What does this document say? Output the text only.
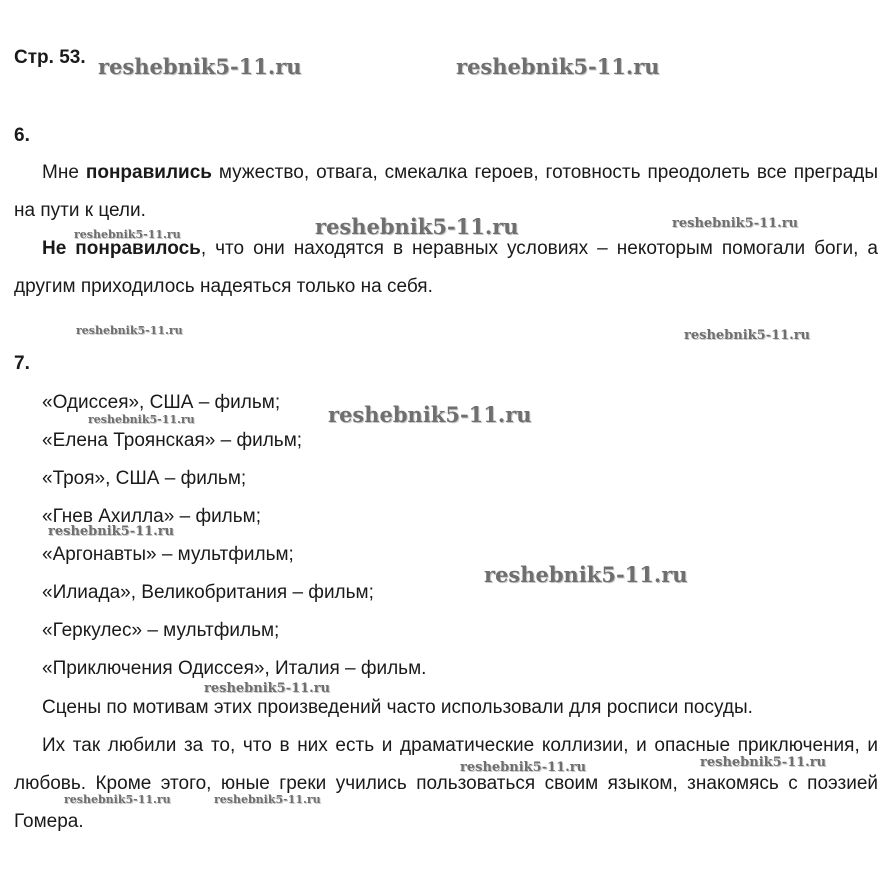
Стр. 53.
6.

Мне понравились мужество, отвага, смекалка героев, готовность преодолеть все преграды на пути к цели.

Не понравилось, что они находятся в неравных условиях – некоторым помогали боги, а другим приходилось надеяться только на себя.

7.
«Одиссея», США – фильм;
«Елена Троянская» – фильм;
«Троя», США – фильм;
«Гнев Ахилла» – фильм;
«Аргонавты» – мультфильм;
«Илиада», Великобритания – фильм;
«Геркулес» – мультфильм;
«Приключения Одиссея», Италия – фильм.

Сцены по мотивам этих произведений часто использовали для росписи посуды.

Их так любили за то, что в них есть и драматические коллизии, и опасные приключения, и любовь. Кроме этого, юные греки учились пользоваться своим языком, знакомясь с поэзией Гомера.

reshebnik5-11.ru	reshebnik5-11.ru
reshebnik5-11.ru	reshebnik5-11.ru
reshebnik5-11.ru
reshebnik5-11.ru	reshebnik5-11.ru
reshebnik5-11.ru	reshebnik5-11.ru
reshebnik5-11.ru
reshebnik5-11.ru
reshebnik5-11.ru
reshebnik5-11.ru
reshebnik5-11.ru
reshebnik5-11.ru	reshebnik5-11.ru
